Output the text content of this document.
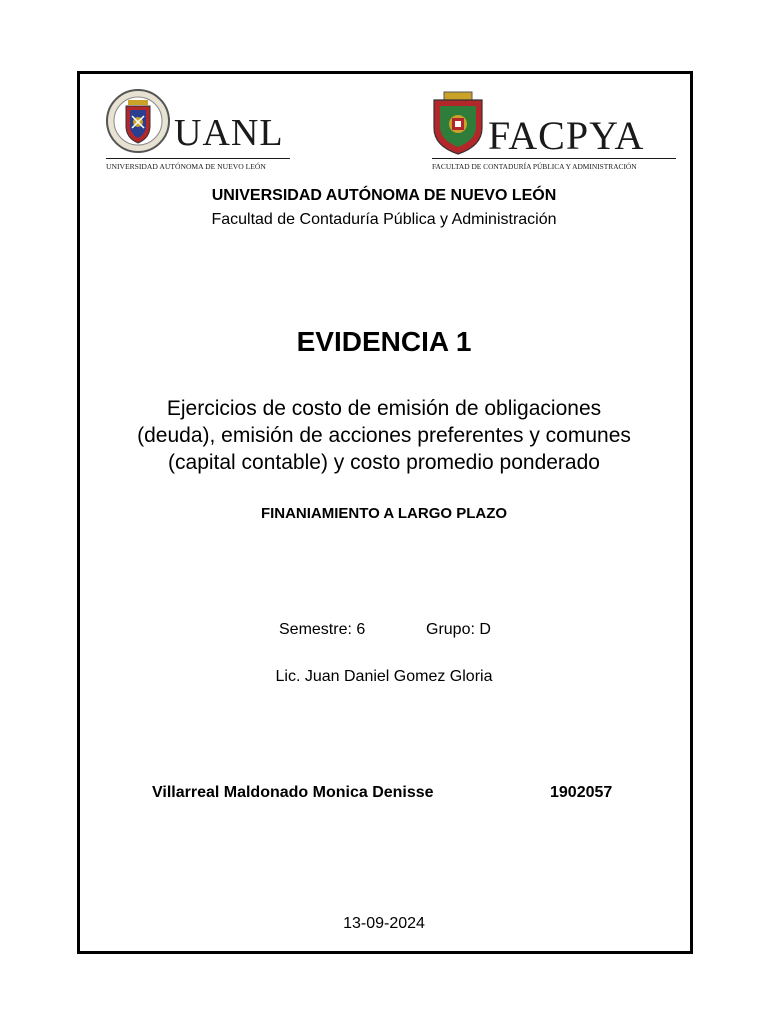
UANL
UNIVERSIDAD AUTÓNOMA DE NUEVO LEÓN
FACPYA
FACULTAD DE CONTADURÍA PÚBLICA Y ADMINISTRACIÓN
UNIVERSIDAD AUTÓNOMA DE NUEVO LEÓN
Facultad de Contaduría Pública y Administración
EVIDENCIA 1
Ejercicios de costo de emisión de obligaciones
(deuda), emisión de acciones preferentes y comunes
(capital contable) y costo promedio ponderado
FINANIAMIENTO A LARGO PLAZO
Semestre: 6	Grupo: D
Lic. Juan Daniel Gomez Gloria
Villarreal Maldonado Monica Denisse	1902057
13-09-2024
